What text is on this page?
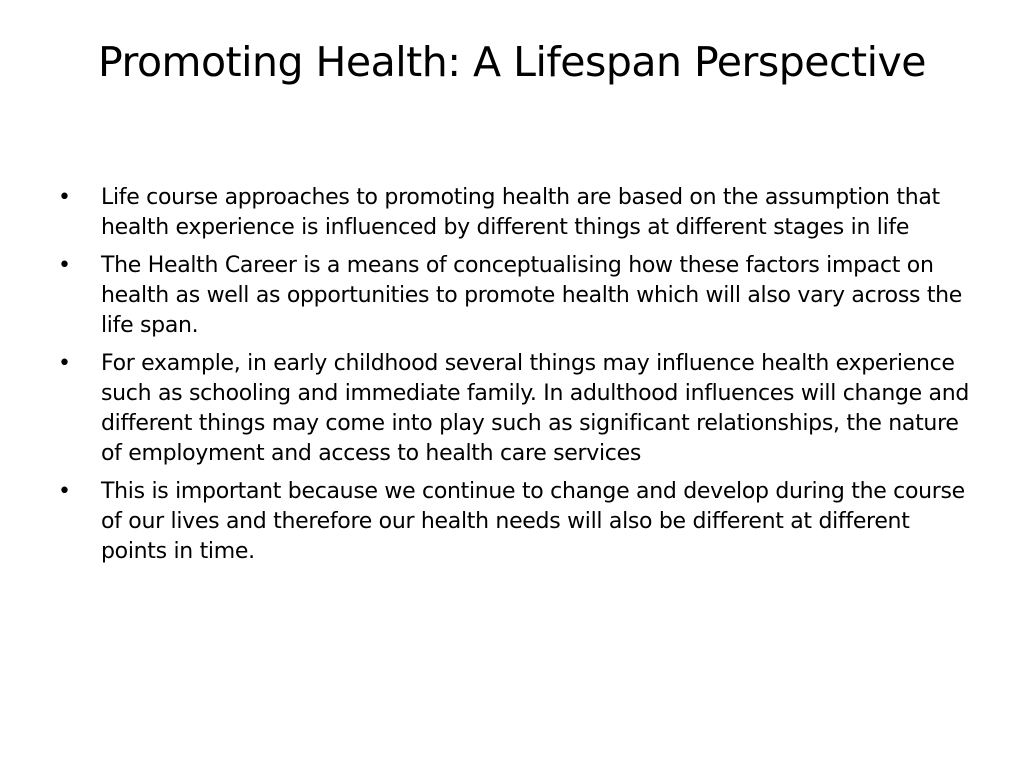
Promoting Health: A Lifespan Perspective
• Life course approaches to promoting health are based on the assumption that health experience is influenced by different things at different stages in life
• The Health Career is a means of conceptualising how these factors impact on health as well as opportunities to promote health which will also vary across the life span.
• For example, in early childhood several things may influence health experience such as schooling and immediate family. In adulthood influences will change and different things may come into play such as significant relationships, the nature of employment and access to health care services
• This is important because we continue to change and develop during the course of our lives and therefore our health needs will also be different at different points in time.
